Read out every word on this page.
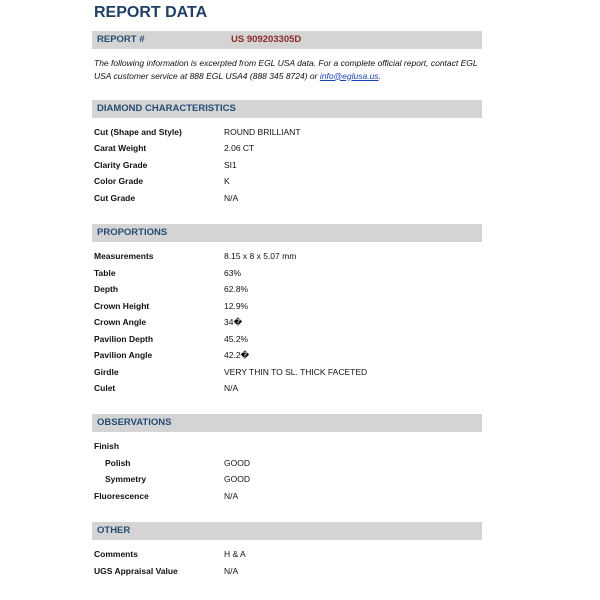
REPORT DATA
REPORT #	US 909203305D
The following information is excerpted from EGL USA data. For a complete official report, contact EGL USA customer service at 888 EGL USA4 (888 345 8724) or info@eglusa.us.
DIAMOND CHARACTERISTICS
Cut (Shape and Style)	ROUND BRILLIANT
Carat Weight	2.06 CT
Clarity Grade	SI1
Color Grade	K
Cut Grade	N/A
PROPORTIONS
Measurements	8.15 x 8 x 5.07 mm
Table	63%
Depth	62.8%
Crown Height	12.9%
Crown Angle	34�
Pavilion Depth	45.2%
Pavilion Angle	42.2�
Girdle	VERY THIN TO SL. THICK FACETED
Culet	N/A
OBSERVATIONS
Finish
Polish	GOOD
Symmetry	GOOD
Fluorescence	N/A
OTHER
Comments	H & A
UGS Appraisal Value	N/A
